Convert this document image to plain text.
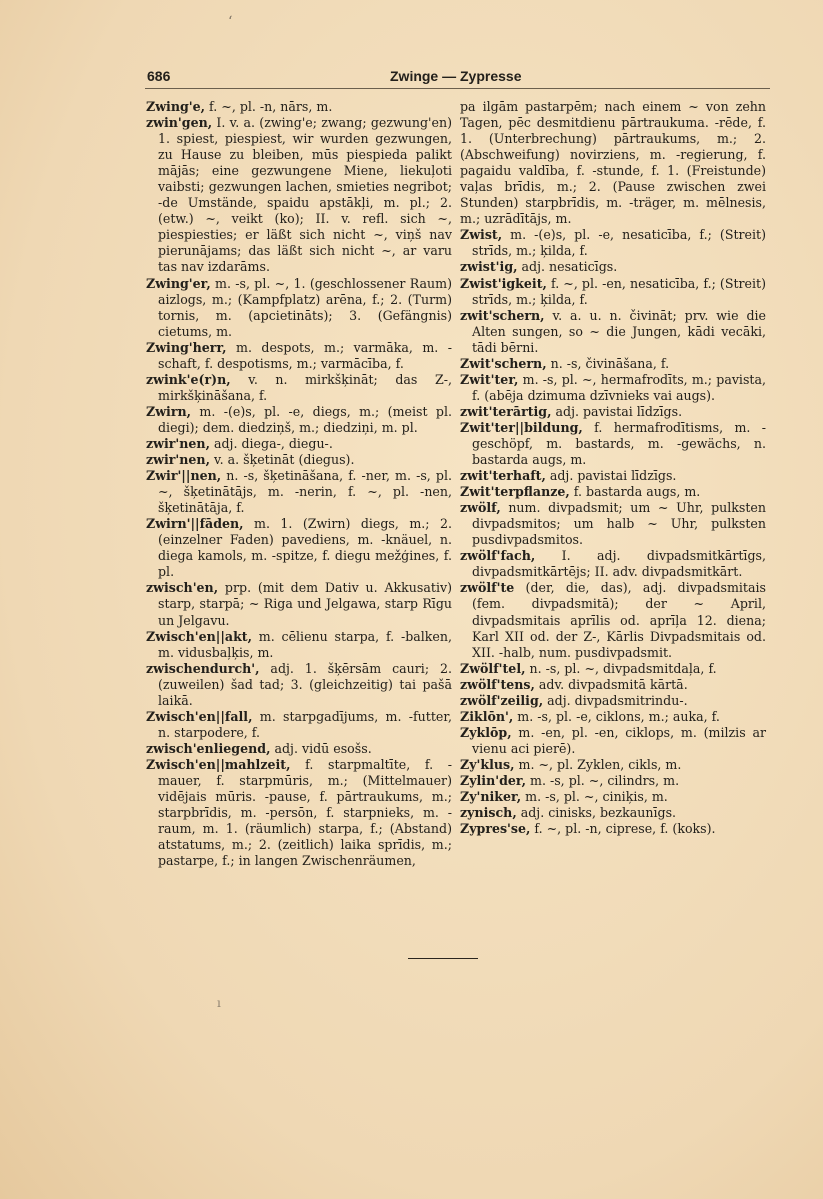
ʻ
686	Zwinge — Zypresse

Zwing'e, f. ~, pl. -n, nārs, m.

zwin'gen, I. v. a. (zwing'e; zwang; gezwung'en) 1. spiest, piespiest, wir wurden gezwungen, zu Hause zu bleiben, mūs piespieda palikt mājās; eine gezwungene Miene, liekuļoti vaibsti; gezwungen lachen, smieties negribot; -de Umstände, spaidu apstākļi, m. pl.; 2. (etw.) ~, veikt (ko); II. v. refl. sich ~, piespiesties; er läßt sich nicht ~, viņš nav pierunājams; das läßt sich nicht ~, ar varu tas nav izdarāms.

Zwing'er, m. -s, pl. ~, 1. (geschlossener Raum) aizlogs, m.; (Kampfplatz) arēna, f.; 2. (Turm) tornis, m. (apcietināts); 3. (Gefängnis) cietums, m.

Zwing'herr, m. despots, m.; varmāka, m. -schaft, f. despotisms, m.; varmācība, f.

zwink'e(r)n, v. n. mirkšķināt; das Z-, mirkšķināšana, f.

Zwirn, m. -(e)s, pl. -e, diegs, m.; (meist pl. diegi); dem. diedziņš, m.; diedziņi, m. pl.

zwir'nen, adj. diega-, diegu-.

zwir'nen, v. a. šķetināt (diegus).

Zwir'||nen, n. -s, šķetināšana, f. -ner, m. -s, pl. ~, šķetinātājs, m. -nerin, f. ~, pl. -nen, šķetinātāja, f.

Zwirn'||fāden, m. 1. (Zwirn) diegs, m.; 2. (einzelner Faden) pavediens, m. -knäuel, n. diega kamols, m. -spitze, f. diegu mežģines, f. pl.

zwisch'en, prp. (mit dem Dativ u. Akkusativ) starp, starpā; ~ Riga und Jelgawa, starp Rīgu un Jelgavu.

Zwisch'en||akt, m. cēlienu starpa, f. -balken, m. vidusbaļķis, m.

zwischendurch', adj. 1. šķērsām cauri; 2. (zuweilen) šad tad; 3. (gleichzeitig) tai pašā laikā.

Zwisch'en||fall, m. starpgadījums, m. -futter, n. starpodere, f.

zwisch'enliegend, adj. vidū esošs.

Zwisch'en||mahlzeit, f. starpmaltīte, f. -mauer, f. starpmūris, m.; (Mittelmauer) vidējais mūris. -pause, f. pārtraukums, m.; starpbrīdis, m. -persōn, f. starpnieks, m. -raum, m. 1. (räumlich) starpa, f.; (Abstand) atstatums, m.; 2. (zeitlich) laika sprīdis, m.; pastarpe, f.; in langen Zwischenräumen,

pa ilgām pastarpēm; nach einem ~ von zehn Tagen, pēc desmitdienu pārtraukuma. -rēde, f. 1. (Unterbrechung) pārtraukums, m.; 2. (Abschweifung) novirziens, m. -regierung, f. pagaidu valdība, f. -stunde, f. 1. (Freistunde) vaļas brīdis, m.; 2. (Pause zwischen zwei Stunden) starpbrīdis, m. -träger, m. mēlnesis, m.; uzrādītājs, m.

Zwist, m. -(e)s, pl. -e, nesaticība, f.; (Streit) strīds, m.; ķilda, f.

zwist'ig, adj. nesaticīgs.

Zwist'igkeit, f. ~, pl. -en, nesaticība, f.; (Streit) strīds, m.; ķilda, f.

zwit'schern, v. a. u. n. čivināt; prv. wie die Alten sungen, so ~ die Jungen, kādi vecāki, tādi bērni.

Zwit'schern, n. -s, čivināšana, f.

Zwit'ter, m. -s, pl. ~, hermafrodīts, m.; pavista, f. (abēja dzimuma dzīvnieks vai augs).

zwit'terārtig, adj. pavistai līdzīgs.

Zwit'ter||bildung, f. hermafrodītisms, m. -geschöpf, m. bastards, m. -gewächs, n. bastarda augs, m.

zwit'terhaft, adj. pavistai līdzīgs.

Zwit'terpflanze, f. bastarda augs, m.

zwölf, num. divpadsmit; um ~ Uhr, pulksten divpadsmitos; um halb ~ Uhr, pulksten pusdivpadsmitos.

zwölf'fach, I. adj. divpadsmitkārtīgs, divpadsmitkārtējs; II. adv. divpadsmitkārt.

zwölf'te (der, die, das), adj. divpadsmitais (fem. divpadsmitā); der ~ April, divpadsmitais aprīlis od. aprīļa 12. diena; Karl XII od. der Z-, Kārlis Divpadsmitais od. XII. -halb, num. pusdivpadsmit.

Zwölf'tel, n. -s, pl. ~, divpadsmitdaļa, f.

zwölf'tens, adv. divpadsmitā kārtā.

zwölf'zeilig, adj. divpadsmitrindu-.

Ziklōn', m. -s, pl. -e, ciklons, m.; auka, f.

Zyklōp, m. -en, pl. -en, ciklops, m. (milzis ar vienu aci pierē).

Zy'klus, m. ~, pl. Zyklen, cikls, m.

Zylin'der, m. -s, pl. ~, cilindrs, m.

Zy'niker, m. -s, pl. ~, ciniķis, m.

zynisch, adj. cinisks, bezkaunīgs.

Zypres'se, f. ~, pl. -n, ciprese, f. (koks).

ı
